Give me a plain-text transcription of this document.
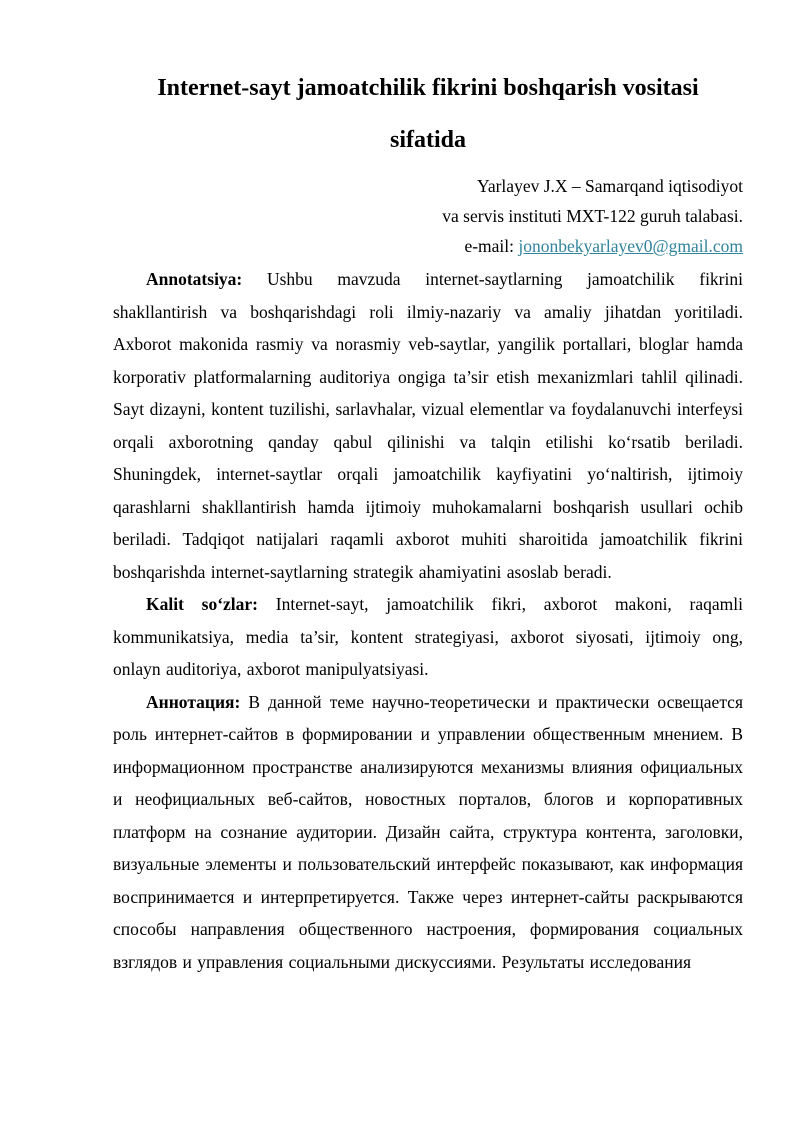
Internet-sayt jamoatchilik fikrini boshqarish vositasi
sifatida
Yarlayev J.X – Samarqand iqtisodiyot
va servis instituti MXT-122 guruh talabasi.
e-mail: jononbekyarlayev0@gmail.com

Annotatsiya: Ushbu mavzuda internet-saytlarning jamoatchilik fikrini shakllantirish va boshqarishdagi roli ilmiy-nazariy va amaliy jihatdan yoritiladi. Axborot makonida rasmiy va norasmiy veb-saytlar, yangilik portallari, bloglar hamda korporativ platformalarning auditoriya ongiga ta’sir etish mexanizmlari tahlil qilinadi. Sayt dizayni, kontent tuzilishi, sarlavhalar, vizual elementlar va foydalanuvchi interfeysi orqali axborotning qanday qabul qilinishi va talqin etilishi koʻrsatib beriladi. Shuningdek, internet-saytlar orqali jamoatchilik kayfiyatini yoʻnaltirish, ijtimoiy qarashlarni shakllantirish hamda ijtimoiy muhokamalarni boshqarish usullari ochib beriladi. Tadqiqot natijalari raqamli axborot muhiti sharoitida jamoatchilik fikrini boshqarishda internet-saytlarning strategik ahamiyatini asoslab beradi.

Kalit soʻzlar: Internet-sayt, jamoatchilik fikri, axborot makoni, raqamli kommunikatsiya, media ta’sir, kontent strategiyasi, axborot siyosati, ijtimoiy ong, onlayn auditoriya, axborot manipulyatsiyasi.

Аннотация: В данной теме научно-теоретически и практически освещается роль интернет-сайтов в формировании и управлении общественным мнением. В информационном пространстве анализируются механизмы влияния официальных и неофициальных веб-сайтов, новостных порталов, блогов и корпоративных платформ на сознание аудитории. Дизайн сайта, структура контента, заголовки, визуальные элементы и пользовательский интерфейс показывают, как информация воспринимается и интерпретируется. Также через интернет-сайты раскрываются способы направления общественного настроения, формирования социальных взглядов и управления социальными дискуссиями. Результаты исследования
